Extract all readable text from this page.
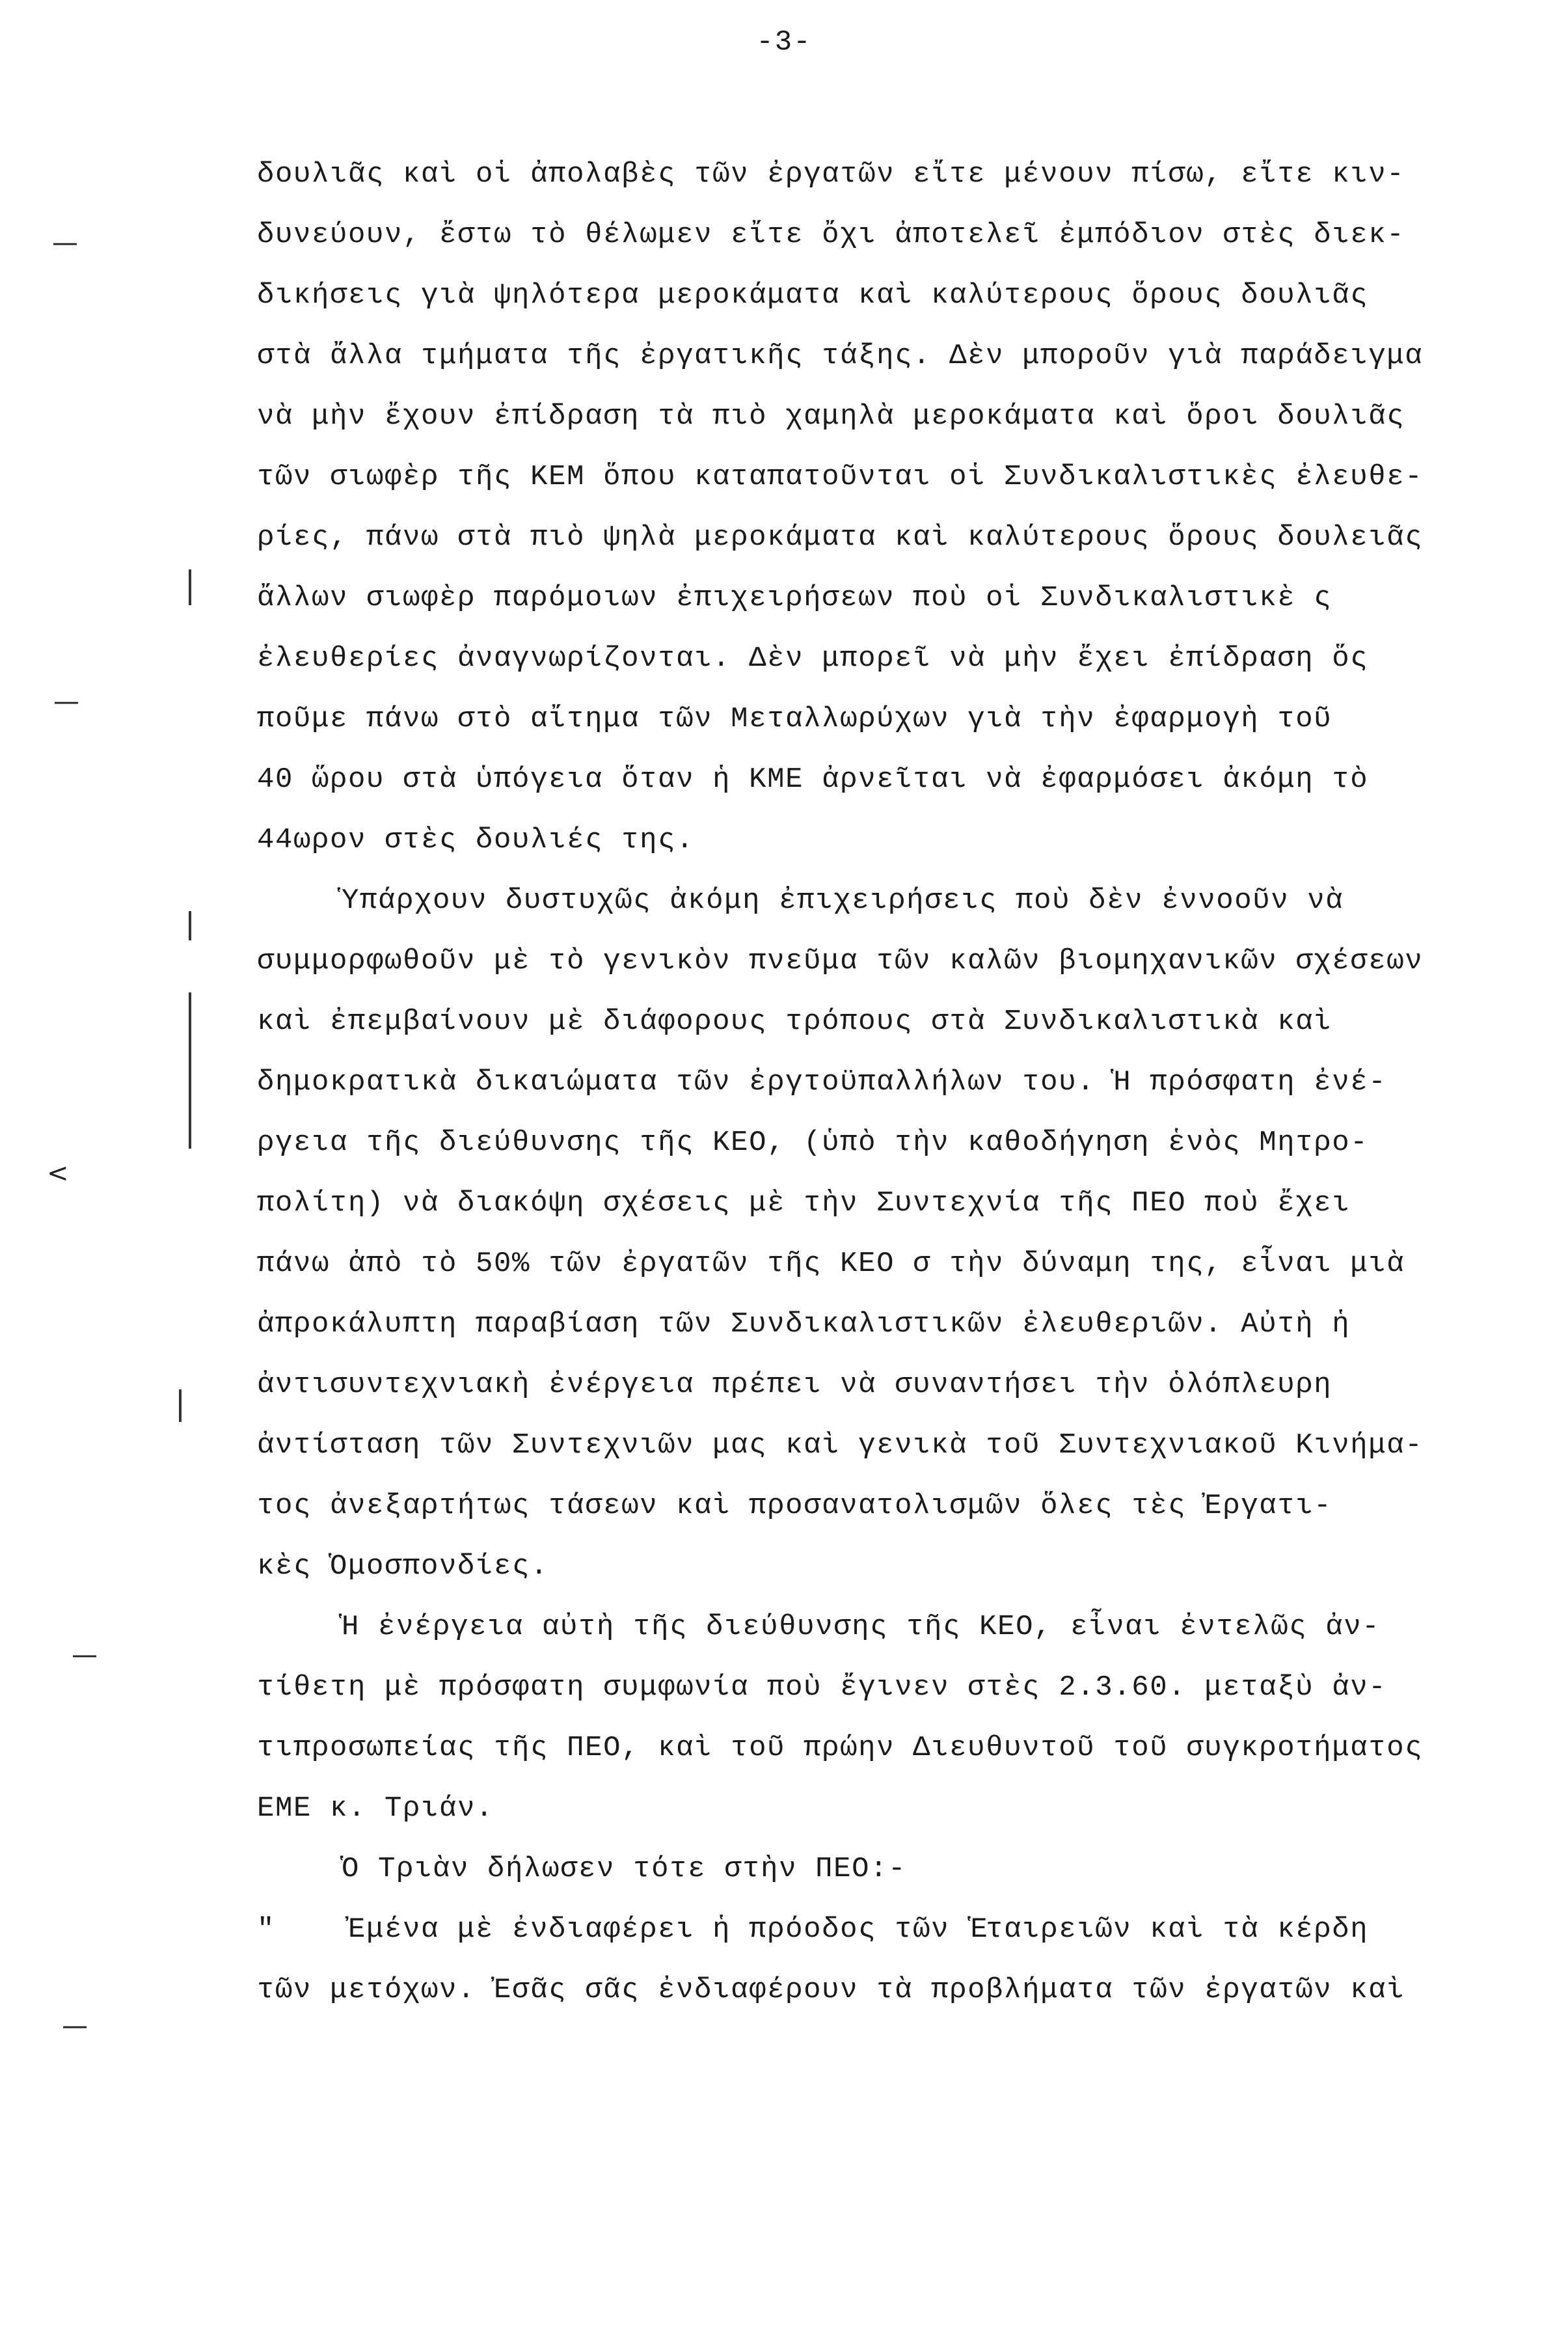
-3-
δουλιᾶς καὶ οἱ ἀπολαβὲς τῶν ἐργατῶν εἴτε μένουν πίσω, εἴτε κιν-
δυνεύουν, ἔστω τὸ θέλωμεν εἴτε ὄχι ἀποτελεῖ ἐμπόδιον στὲς διεκ-
δικήσεις γιὰ ψηλότερα μεροκάματα καὶ καλύτερους ὅρους δουλιᾶς
στὰ ἄλλα τμήματα τῆς ἐργατικῆς τάξης. Δὲν μποροῦν γιὰ παράδειγμα
νὰ μὴν ἔχουν ἐπίδραση τὰ πιὸ χαμηλὰ μεροκάματα καὶ ὅροι δουλιᾶς
τῶν σιωφὲρ τῆς ΚΕΜ ὅπου καταπατοῦνται οἱ Συνδικαλιστικὲς ἐλευθε-
ρίες, πάνω στὰ πιὸ ψηλὰ μεροκάματα καὶ καλύτερους ὅρους δουλειᾶς
ἄλλων σιωφὲρ παρόμοιων ἐπιχειρήσεων ποὺ οἱ Συνδικαλιστικὲ ς
ἐλευθερίες ἀναγνωρίζονται. Δὲν μπορεῖ νὰ μὴν ἔχει ἐπίδραση ὅς
ποῦμε πάνω στὸ αἴτημα τῶν Μεταλλωρύχων γιὰ τὴν ἐφαρμογὴ τοῦ
40 ὥρου στὰ ὑπόγεια ὅταν ἡ ΚΜΕ ἀρνεῖται νὰ ἐφαρμόσει ἀκόμη τὸ
44ωρον στὲς δουλιές της.
Ὑπάρχουν δυστυχῶς ἀκόμη ἐπιχειρήσεις ποὺ δὲν ἐννοοῦν νὰ
συμμορφωθοῦν μὲ τὸ γενικὸν πνεῦμα τῶν καλῶν βιομηχανικῶν σχέσεων
καὶ ἐπεμβαίνουν μὲ διάφορους τρόπους στὰ Συνδικαλιστικὰ καὶ
δημοκρατικὰ δικαιώματα τῶν ἐργτοϋπαλλήλων του. Ἡ πρόσφατη ἐνέ-
ργεια τῆς διεύθυνσης τῆς ΚΕΟ, (ὑπὸ τὴν καθοδήγηση ἑνὸς Μητρο-
πολίτη) νὰ διακόψη σχέσεις μὲ τὴν Συντεχνία τῆς ΠΕΟ ποὺ ἔχει
πάνω ἀπὸ τὸ 50% τῶν ἐργατῶν τῆς ΚΕΟ σ τὴν δύναμη της, εἶναι μιὰ
ἀπροκάλυπτη παραβίαση τῶν Συνδικαλιστικῶν ἐλευθεριῶν. Αὐτὴ ἡ
ἀντισυντεχνιακὴ ἐνέργεια πρέπει νὰ συναντήσει τὴν ὁλόπλευρη
ἀντίσταση τῶν Συντεχνιῶν μας καὶ γενικὰ τοῦ Συντεχνιακοῦ Κινήμα-
τος ἀνεξαρτήτως τάσεων καὶ προσανατολισμῶν ὅλες τὲς Ἐργατι-
κὲς Ὁμοσπονδίες.
Ἡ ἐνέργεια αὐτὴ τῆς διεύθυνσης τῆς ΚΕΟ, εἶναι ἐντελῶς ἀν-
τίθετη μὲ πρόσφατη συμφωνία ποὺ ἔγινεν στὲς 2.3.60. μεταξὺ ἀν-
τιπροσωπείας τῆς ΠΕΟ, καὶ τοῦ πρώην Διευθυντοῦ τοῦ συγκροτήματος
ΕΜΕ κ. Τριάν.
Ὁ Τριὰν δήλωσεν τότε στὴν ΠΕΟ:-
"    Ἐμένα μὲ ἐνδιαφέρει ἡ πρόοδος τῶν Ἑταιρειῶν καὶ τὰ κέρδη
τῶν μετόχων. Ἐσᾶς σᾶς ἐνδιαφέρουν τὰ προβλήματα τῶν ἐργατῶν καὶ
—
—
<
—
—
